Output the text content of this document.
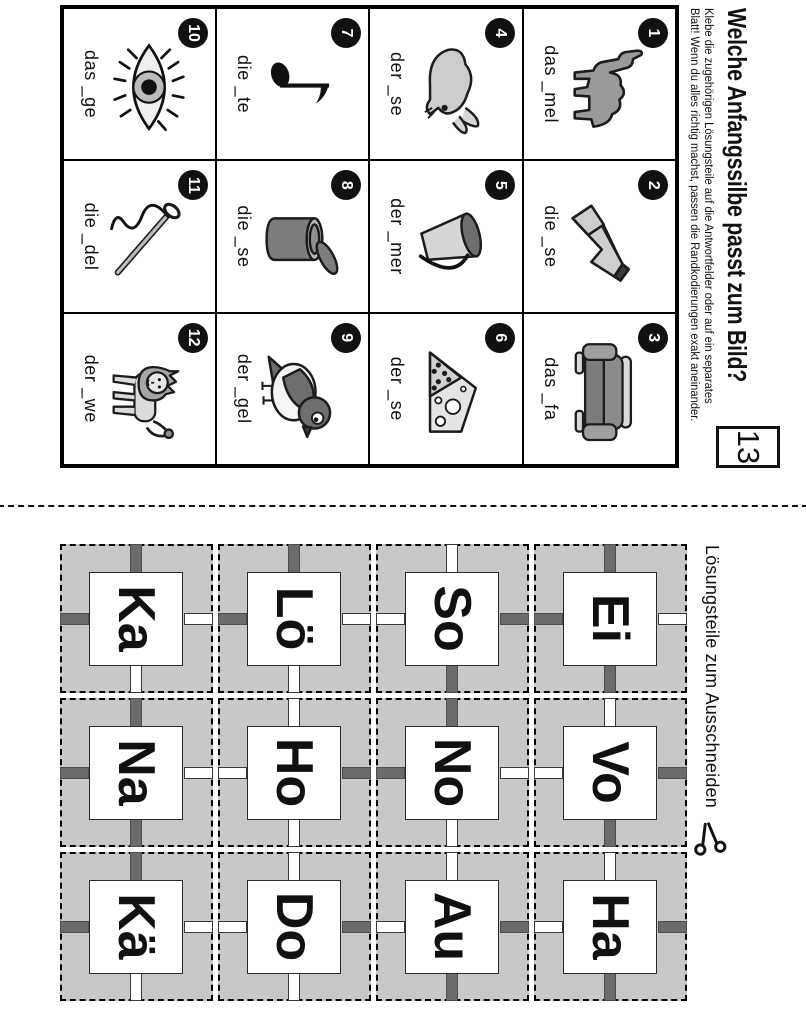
Welche Anfangssilbe passt zum Bild?
13
Klebe die zugehörigen Lösungsteile auf die Antwortfelder oder auf ein separates
Blatt! Wenn du alles richtig machst, passen die Randkodierungen exakt aneinander.
1
das _mel
2
die _se
3
das _fa
4
der _se
5
der _mer
6
der _se
7
die _te
8
die _se
9
der _gel
10
das _ge
11
die _del
12
der _we
Lösungsteile zum Ausschneiden
Ei
Vo
Ha
So
No
Au
Lö
Ho
Do
Ka
Na
Kä
